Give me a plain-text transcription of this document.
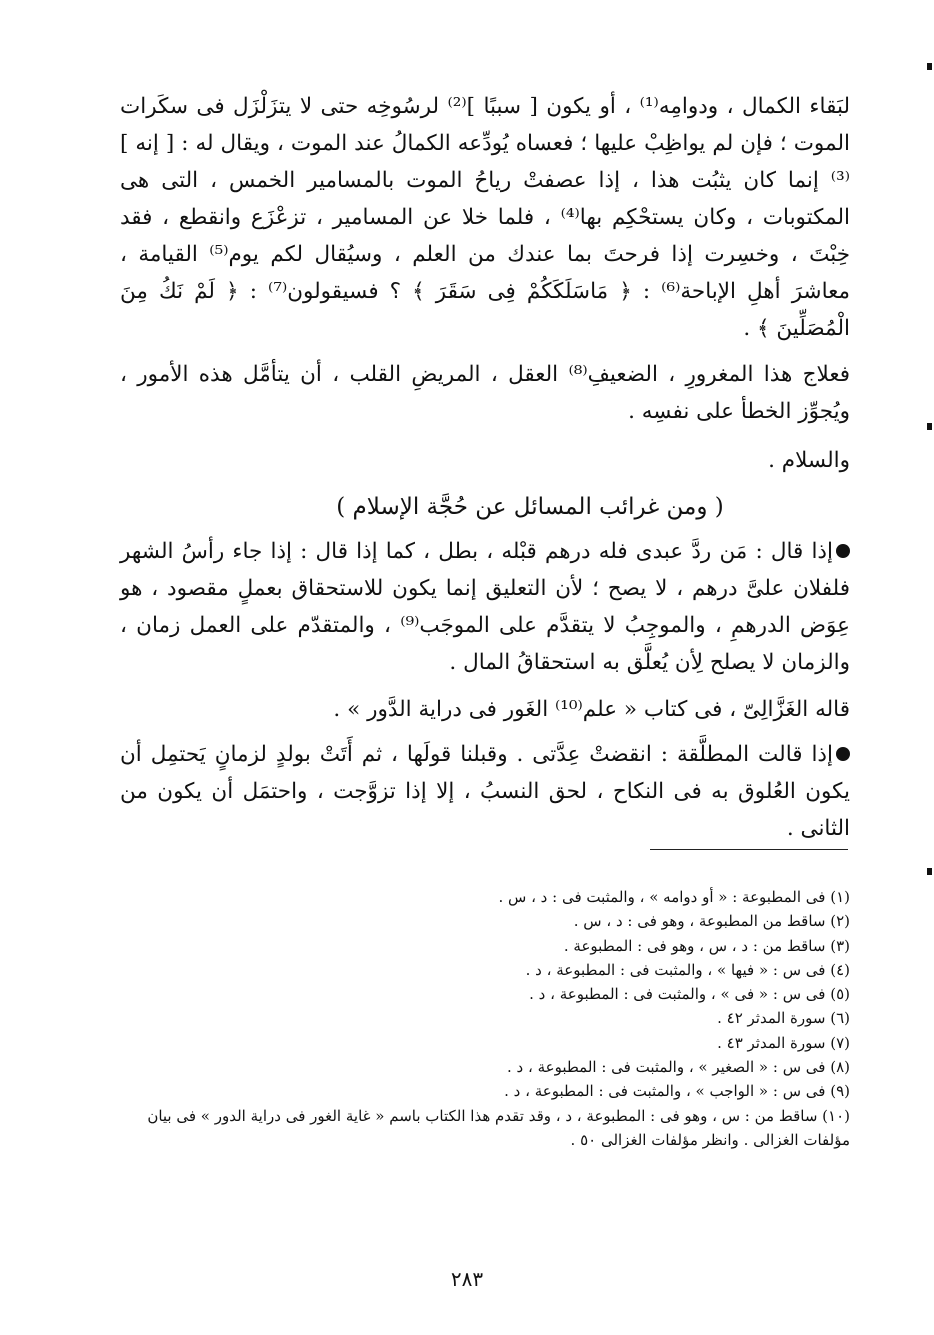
لبَقاء الكمال ، ودوامِه⁽¹⁾ ، أو يكون [ سببًا ]⁽²⁾ لرسُوخِه حتى لا يتزَلْزَل فى سكَرات الموت ؛ فإن لم يواظِبْ عليها ؛ فعساه يُودِّعه الكمالُ عند الموت ، ويقال له : [ إنه ]⁽³⁾ إنما كان يثبُت هذا ، إذا عصفتْ رياحُ الموت بالمسامير الخمس ، التى هى المكتوبات ، وكان يستحْكِم بها⁽⁴⁾ ، فلما خلا عن المسامير ، تزعْزَع وانقطع ، فقد خِبْتَ ، وخسِرت إذا فرحتَ بما عندك من العلم ، وسيُقال لكم يوم⁽⁵⁾ القيامة ، معاشرَ أهلِ الإباحة⁽⁶⁾ : ﴿ مَاسَلَكَكُمْ فِى سَقَرَ ﴾ ؟ فسيقولون⁽⁷⁾ : ﴿ لَمْ نَكُ مِنَ الْمُصَلِّينَ ﴾ .

فعلاج هذا المغرورِ ، الضعيفِ⁽⁸⁾ العقل ، المريضِ القلب ، أن يتأمَّل هذه الأمور ، ويُجوِّز الخطأ على نفسِه .

والسلام .

( ومن غرائب المسائل عن حُجَّة الإسلام )

إذا قال : مَن ردَّ عبدى فله درهم قبْله ، بطل ، كما إذا قال : إذا جاء رأسُ الشهر فلفلان علىَّ درهم ، لا يصح ؛ لأن التعليق إنما يكون للاستحقاق بعملٍ مقصود ، هو عِوَض الدرهمِ ، والموجِبُ لا يتقدَّم على الموجَب⁽⁹⁾ ، والمتقدّم على العمل زمان ، والزمان لا يصلح لِأن يُعلَّق به استحقاقُ المال .

قاله الغَزَّالِىّ ، فى كتاب « علم⁽¹⁰⁾ الغَور فى دراية الدَّور » .

إذا قالت المطلَّقة : انقضتْ عِدَّتى . وقبلنا قولَها ، ثم أَتَتْ بولدٍ لزمانٍ يَحتمِل أن يكون العُلوق به فى النكاح ، لحق النسبُ ، إلا إذا تزوَّجت ، واحتمَل أن يكون من الثانى .

(١) فى المطبوعة : « أو دوامه » ، والمثبت فى : د ، س .

(٢) ساقط من المطبوعة ، وهو فى : د ، س .

(٣) ساقط من : د ، س ، وهو فى : المطبوعة .

(٤) فى س : « فيها » ، والمثبت فى : المطبوعة ، د .

(٥) فى س : « فى » ، والمثبت فى : المطبوعة ، د .

(٦) سورة المدثر ٤٢ .

(٧) سورة المدثر ٤٣ .

(٨) فى س : « الصغير » ، والمثبت فى : المطبوعة ، د .

(٩) فى س : « الواجب » ، والمثبت فى : المطبوعة ، د .

(١٠) ساقط من : س ، وهو فى : المطبوعة ، د ، وقد تقدم هذا الكتاب باسم « غاية الغور فى دراية الدور » فى بيان مؤلفات الغزالى . وانظر مؤلفات الغزالى ٥٠ .

٢٨٣
